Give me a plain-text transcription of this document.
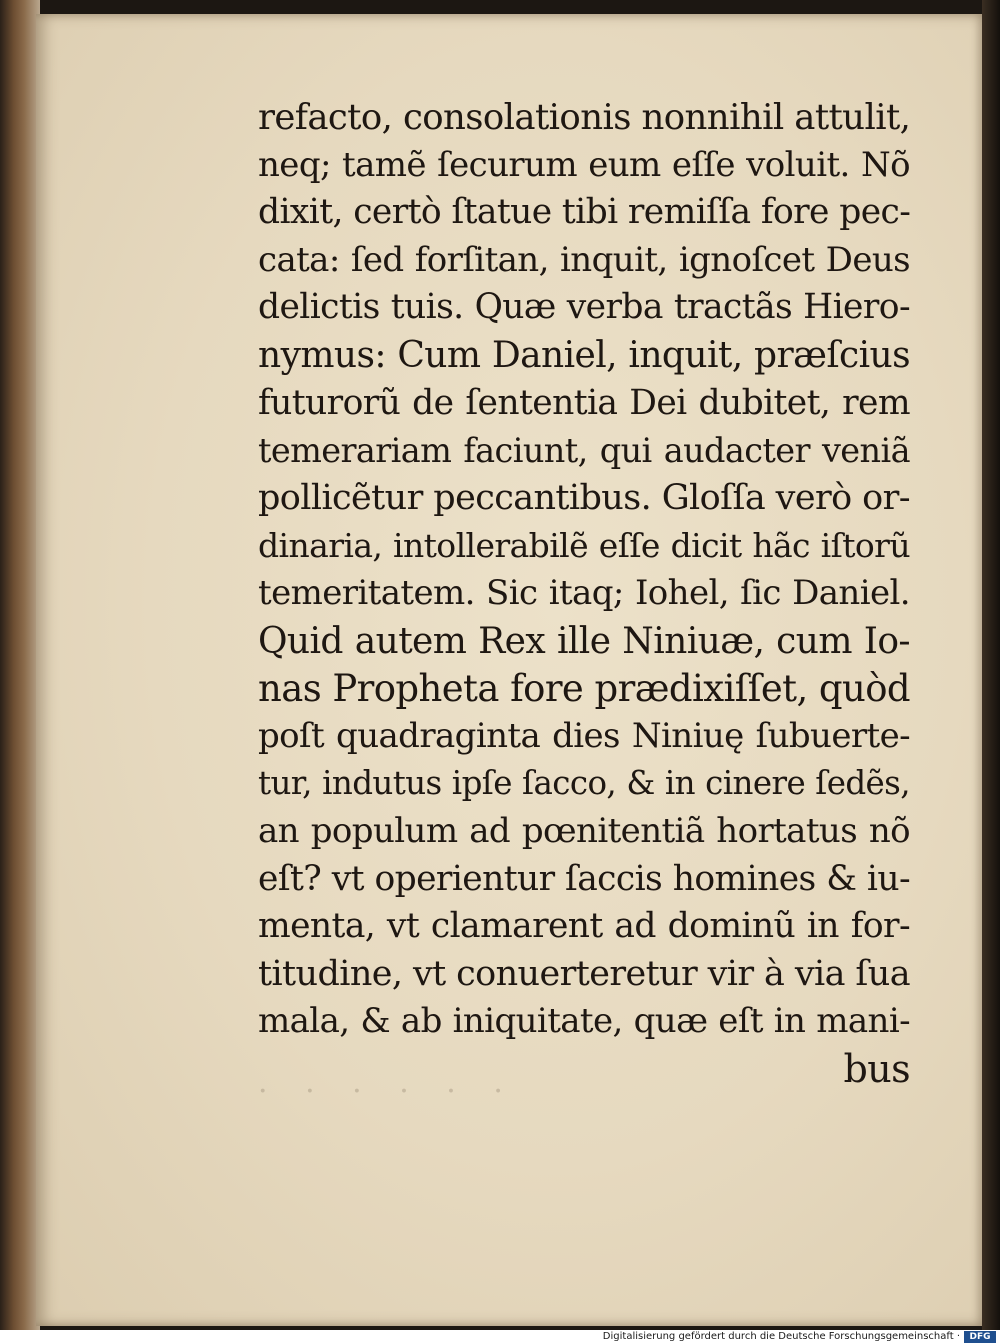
· · · · · ·
refacto, consolationis nonnihil attulit,
neq; tamẽ ſecurum eum eſſe voluit. Nõ
dixit, certò ſtatue tibi remiſſa fore pec-
cata: ſed forſitan, inquit, ignoſcet Deus
delictis tuis. Quæ verba tractãs Hiero-
nymus: Cum Daniel, inquit, præſcius
futurorũ de ſententia Dei dubitet, rem
temerariam faciunt, qui audacter veniã
pollicẽtur peccantibus. Gloſſa verò or-
dinaria, intollerabilẽ eſſe dicit hãc iſtorũ
temeritatem. Sic itaq; Iohel, ſic Daniel.
Quid autem Rex ille Niniuæ, cum Io-
nas Propheta fore prædixiſſet, quòd
poſt quadraginta dies Niniuę ſubuerte-
tur, indutus ipſe ſacco, & in cinere ſedẽs,
an populum ad pœnitentiã hortatus nõ
eſt? vt operientur ſaccis homines & iu-
menta, vt clamarent ad dominũ in for-
titudine, vt conuerteretur vir à via ſua
mala, & ab iniquitate, quæ eſt in mani-
bus
Digitalisierung gefördert durch die Deutsche Forschungsgemeinschaft ·	DFG
